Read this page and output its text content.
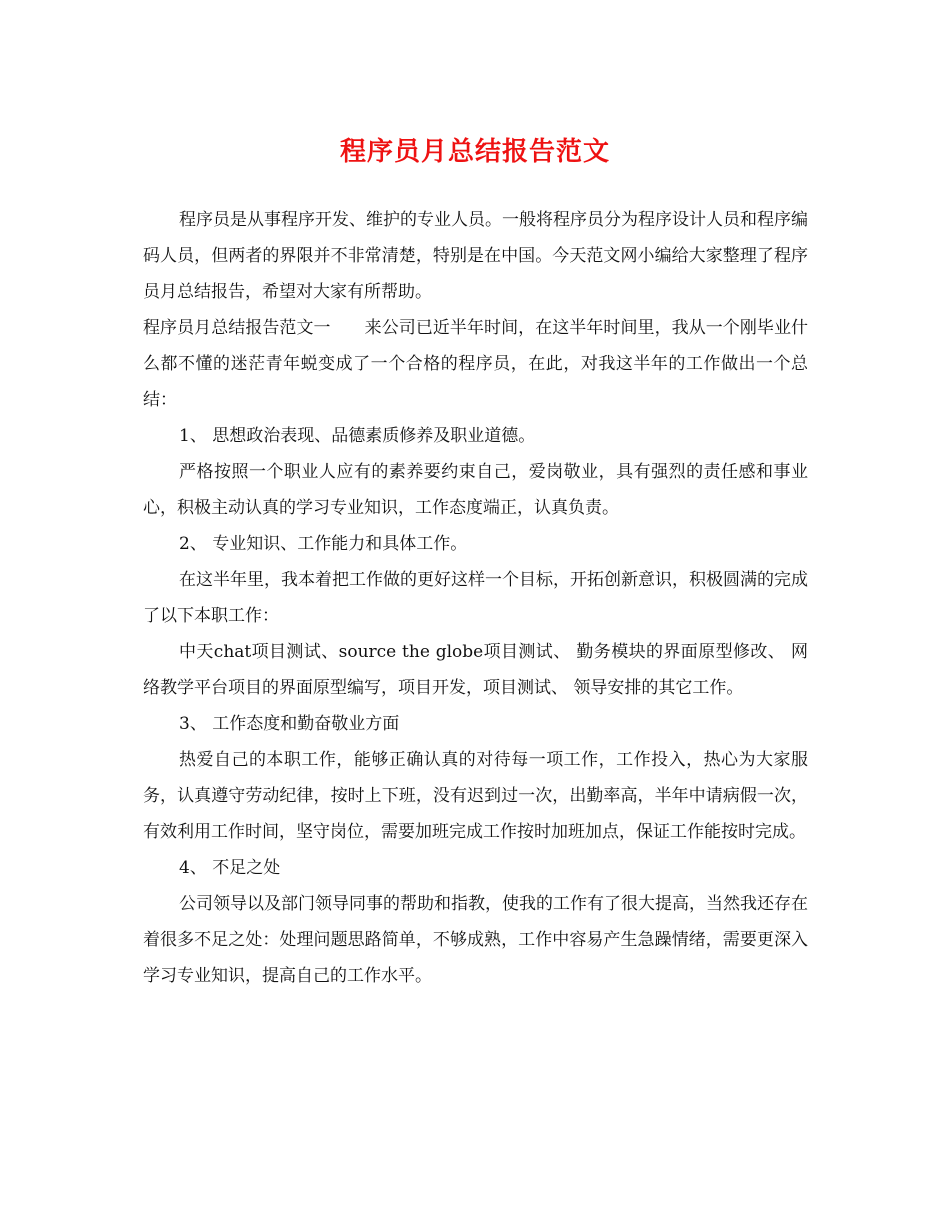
程序员月总结报告范文

程序员是从事程序开发、维护的专业人员。一般将程序员分为程序设计人员和程序编码人员，但两者的界限并不非常清楚，特别是在中国。今天范文网小编给大家整理了程序员月总结报告，希望对大家有所帮助。

程序员月总结报告范文一 来公司已近半年时间，在这半年时间里，我从一个刚毕业什么都不懂的迷茫青年蜕变成了一个合格的程序员，在此，对我这半年的工作做出一个总结：

1、 思想政治表现、品德素质修养及职业道德。

严格按照一个职业人应有的素养要约束自己，爱岗敬业，具有强烈的责任感和事业心，积极主动认真的学习专业知识，工作态度端正，认真负责。

2、 专业知识、工作能力和具体工作。

在这半年里，我本着把工作做的更好这样一个目标，开拓创新意识，积极圆满的完成了以下本职工作：

中天chat项目测试、source the globe项目测试、 勤务模块的界面原型修改、 网络教学平台项目的界面原型编写，项目开发，项目测试、 领导安排的其它工作。

3、 工作态度和勤奋敬业方面

热爱自己的本职工作，能够正确认真的对待每一项工作，工作投入，热心为大家服务，认真遵守劳动纪律，按时上下班，没有迟到过一次，出勤率高，半年中请病假一次，有效利用工作时间，坚守岗位，需要加班完成工作按时加班加点，保证工作能按时完成。

4、 不足之处

公司领导以及部门领导同事的帮助和指教，使我的工作有了很大提高，当然我还存在着很多不足之处：处理问题思路简单，不够成熟，工作中容易产生急躁情绪，需要更深入学习专业知识，提高自己的工作水平。
